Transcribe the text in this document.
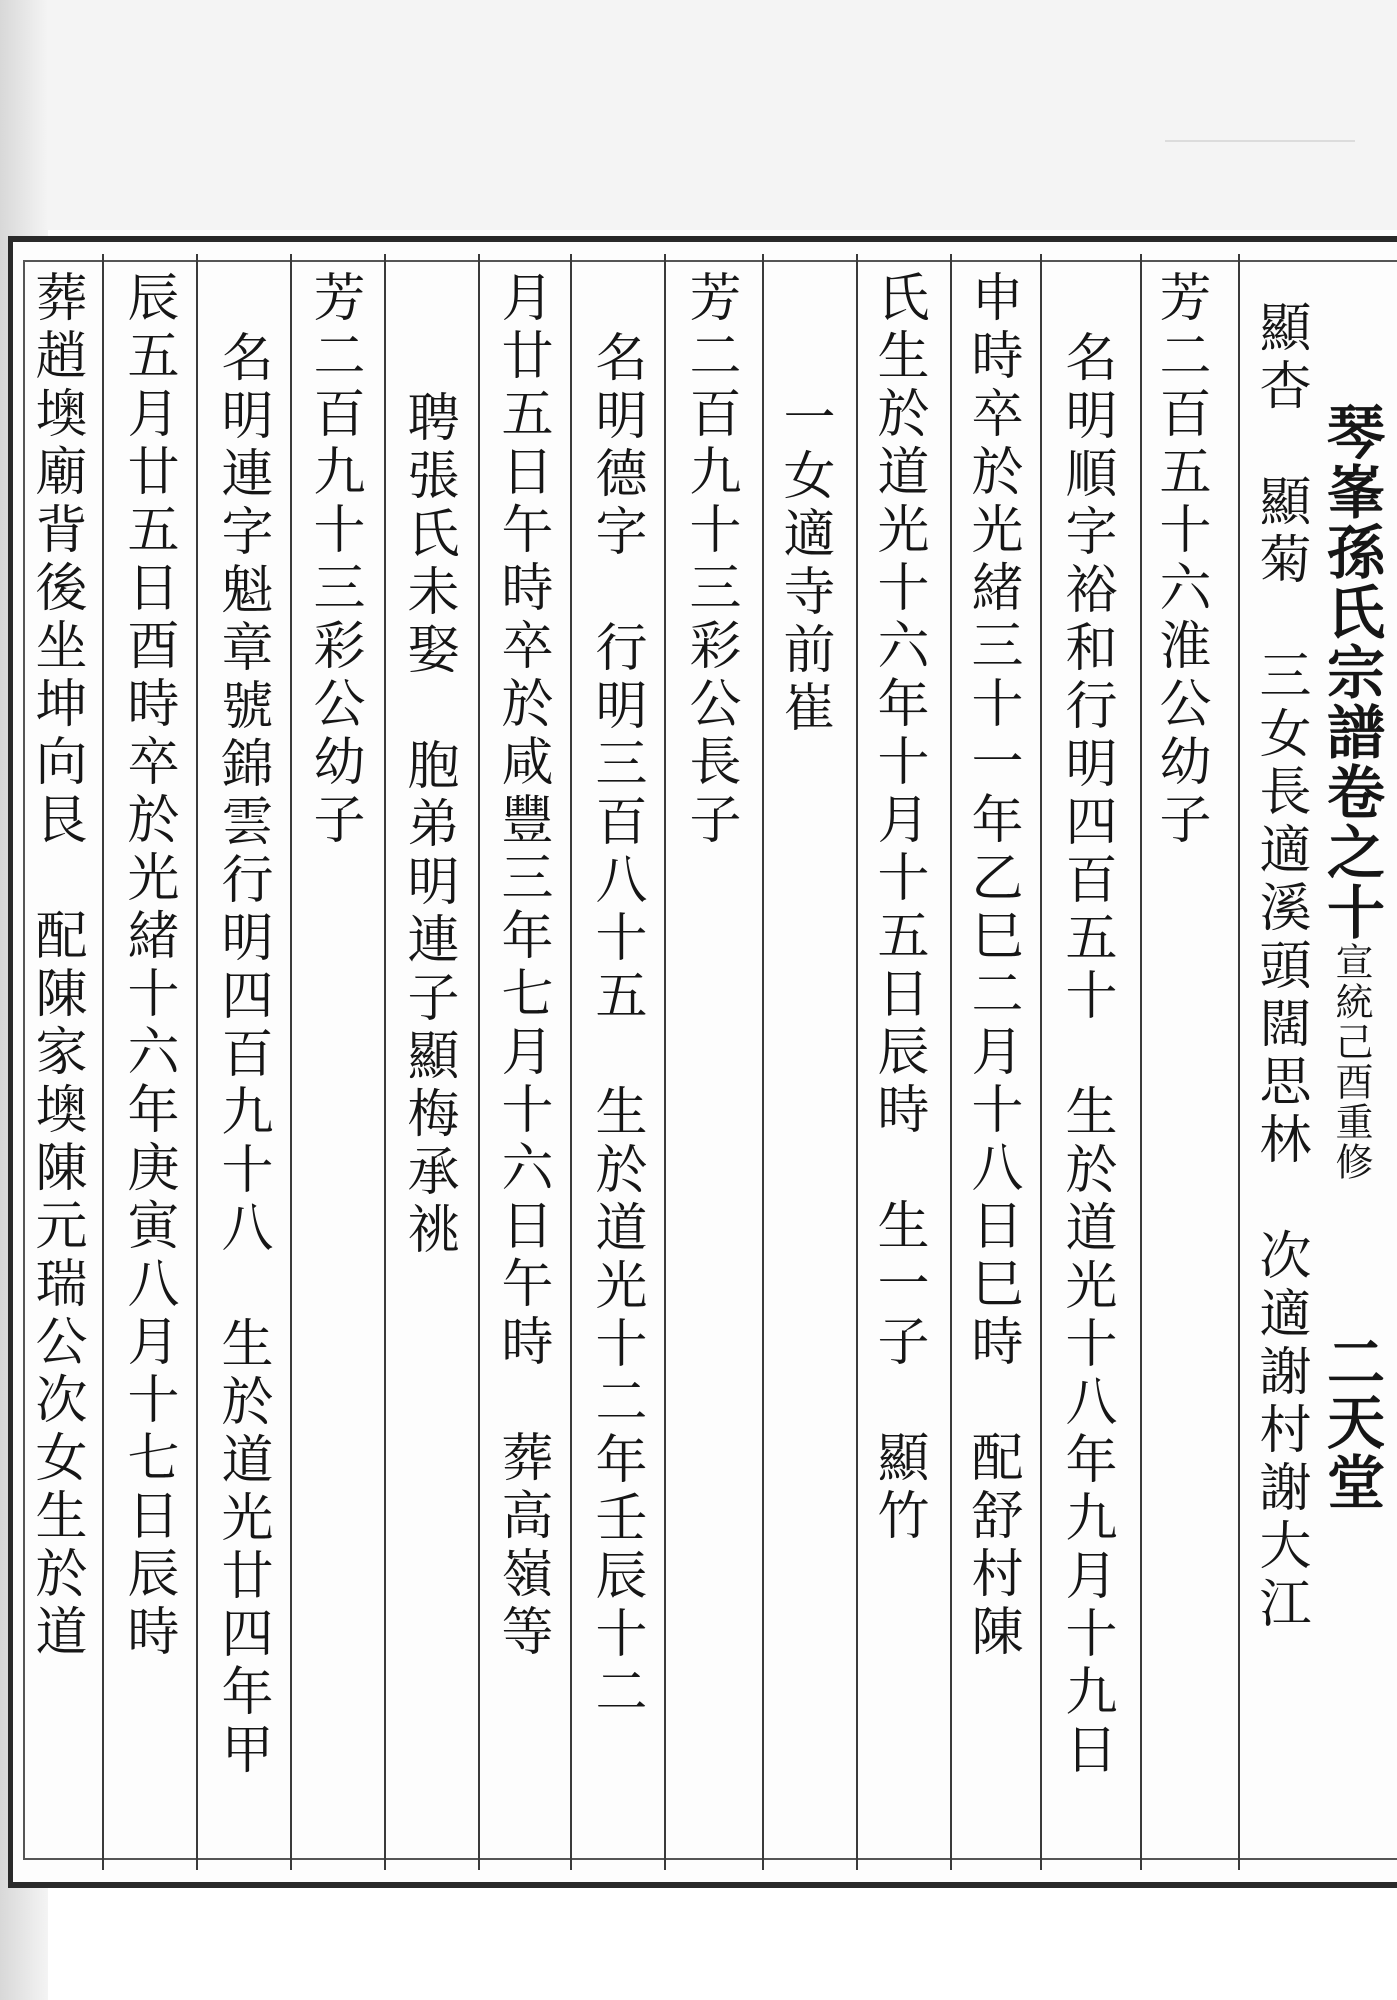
琴峯孫氏宗譜卷之十宣統己酉重修二天堂

顯杏　顯菊　三女長適溪頭闊思林　次適謝村謝大江
芳二百五十六淮公幼子
名明順字裕和行明四百五十　生於道光十八年九月十九日
申時卒於光緒三十一年乙巳二月十八日巳時　配舒村陳
氏生於道光十六年十月十五日辰時　生一子　顯竹
一女適寺前崔
芳二百九十三彩公長子
名明德字　行明三百八十五　生於道光十二年壬辰十二
月廿五日午時卒於咸豐三年七月十六日午時　葬高嶺等
聘張氏未娶　胞弟明連子顯梅承祧
芳二百九十三彩公幼子
名明連字魁章號錦雲行明四百九十八　生於道光廿四年甲
辰五月廿五日酉時卒於光緒十六年庚寅八月十七日辰時
葬趙墺廟背後坐坤向艮　配陳家墺陳元瑞公次女生於道
